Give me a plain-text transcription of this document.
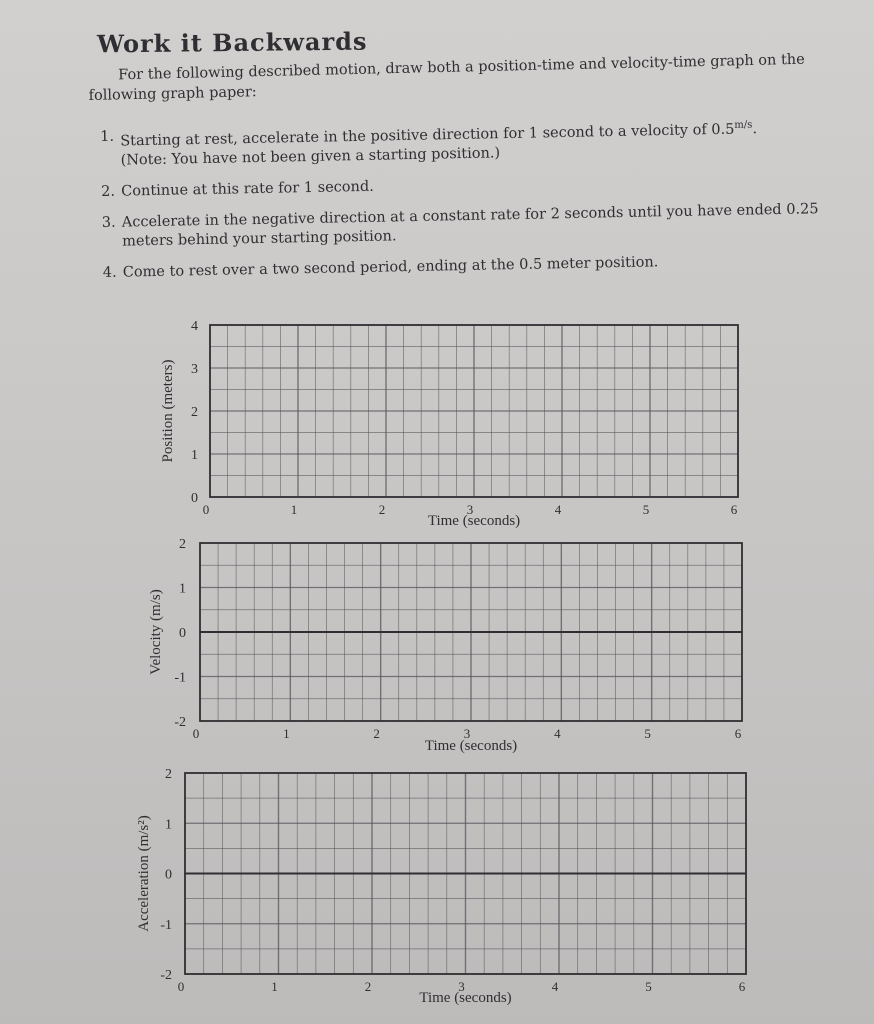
Work it Backwards

For the following described motion, draw both a position-time and velocity-time graph on the following graph paper:

1. Starting at rest, accelerate in the positive direction for 1 second to a velocity of $0.5^{m/s}$.
(Note: You have not been given a starting position.)
2. Continue at this rate for 1 second.
3. Accelerate in the negative direction at a constant rate for 2 seconds until you have ended 0.25 meters behind your starting position.
4. Come to rest over a two second period, ending at the 0.5 meter position.
4
3
2
1
0
0	1	2	3	4	5	6
Time (seconds)
Position (meters)
2
1
0
-1
-2
0	1	2	3	4	5	6
Time (seconds)
Velocity (m/s)
2
1
0
-1
-2
0	1	2	3	4	5	6
Time (seconds)
Acceleration (m/s²)
